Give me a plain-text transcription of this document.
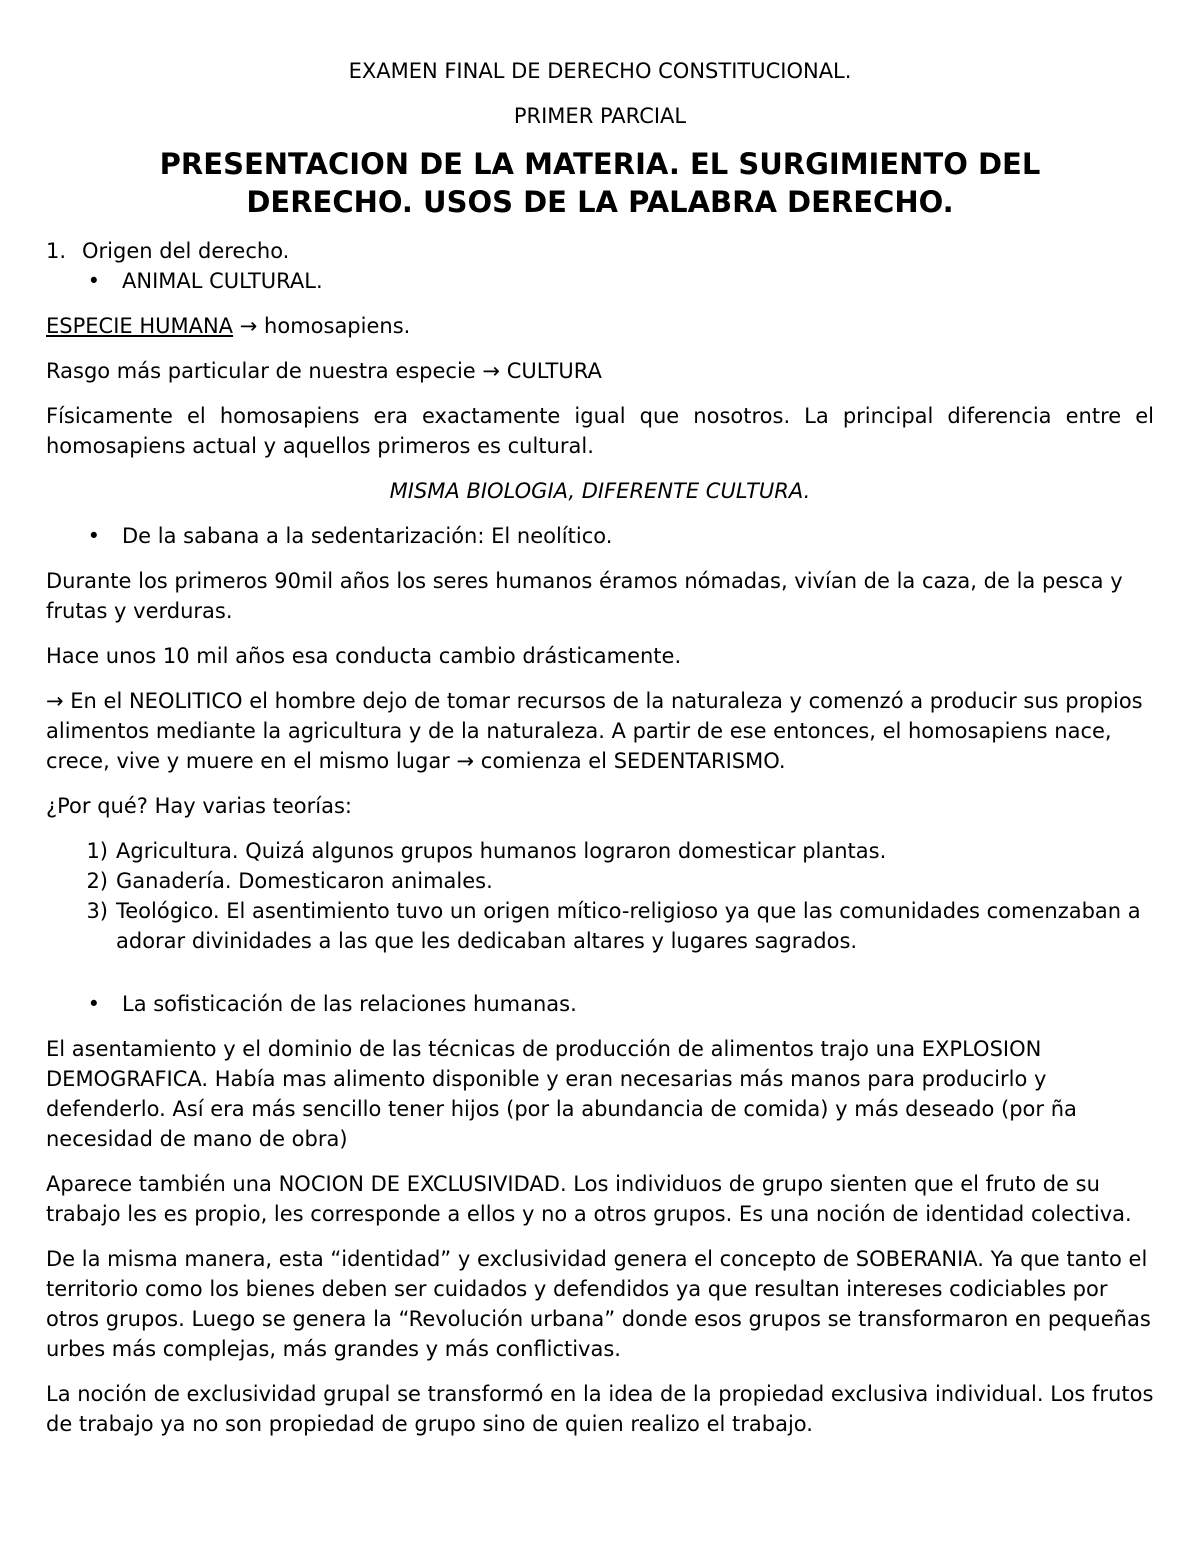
EXAMEN FINAL DE DERECHO CONSTITUCIONAL.

PRIMER PARCIAL

PRESENTACION DE LA MATERIA. EL SURGIMIENTO DEL
DERECHO. USOS DE LA PALABRA DERECHO.
1. Origen del derecho.
•	ANIMAL CULTURAL.

ESPECIE HUMANA → homosapiens.

Rasgo más particular de nuestra especie → CULTURA

Físicamente el homosapiens era exactamente igual que nosotros. La principal diferencia entre el homosapiens actual y aquellos primeros es cultural.

MISMA BIOLOGIA, DIFERENTE CULTURA.

•	De la sabana a la sedentarización: El neolítico.

Durante los primeros 90mil años los seres humanos éramos nómadas, vivían de la caza, de la pesca y frutas y verduras.

Hace unos 10 mil años esa conducta cambio drásticamente.

→ En el NEOLITICO el hombre dejo de tomar recursos de la naturaleza y comenzó a producir sus propios alimentos mediante la agricultura y de la naturaleza. A partir de ese entonces, el homosapiens nace, crece, vive y muere en el mismo lugar → comienza el SEDENTARISMO.

¿Por qué? Hay varias teorías:

1) Agricultura. Quizá algunos grupos humanos lograron domesticar plantas.
2) Ganadería. Domesticaron animales.
3) Teológico. El asentimiento tuvo un origen mítico-religioso ya que las comunidades comenzaban a adorar divinidades a las que les dedicaban altares y lugares sagrados.
•	La sofisticación de las relaciones humanas.

El asentamiento y el dominio de las técnicas de producción de alimentos trajo una EXPLOSION DEMOGRAFICA. Había mas alimento disponible y eran necesarias más manos para producirlo y defenderlo. Así era más sencillo tener hijos (por la abundancia de comida) y más deseado (por ña necesidad de mano de obra)

Aparece también una NOCION DE EXCLUSIVIDAD. Los individuos de grupo sienten que el fruto de su trabajo les es propio, les corresponde a ellos y no a otros grupos. Es una noción de identidad colectiva.

De la misma manera, esta “identidad” y exclusividad genera el concepto de SOBERANIA. Ya que tanto el territorio como los bienes deben ser cuidados y defendidos ya que resultan intereses codiciables por otros grupos. Luego se genera la “Revolución urbana” donde esos grupos se transformaron en pequeñas urbes más complejas, más grandes y más conflictivas.

La noción de exclusividad grupal se transformó en la idea de la propiedad exclusiva individual. Los frutos de trabajo ya no son propiedad de grupo sino de quien realizo el trabajo.
